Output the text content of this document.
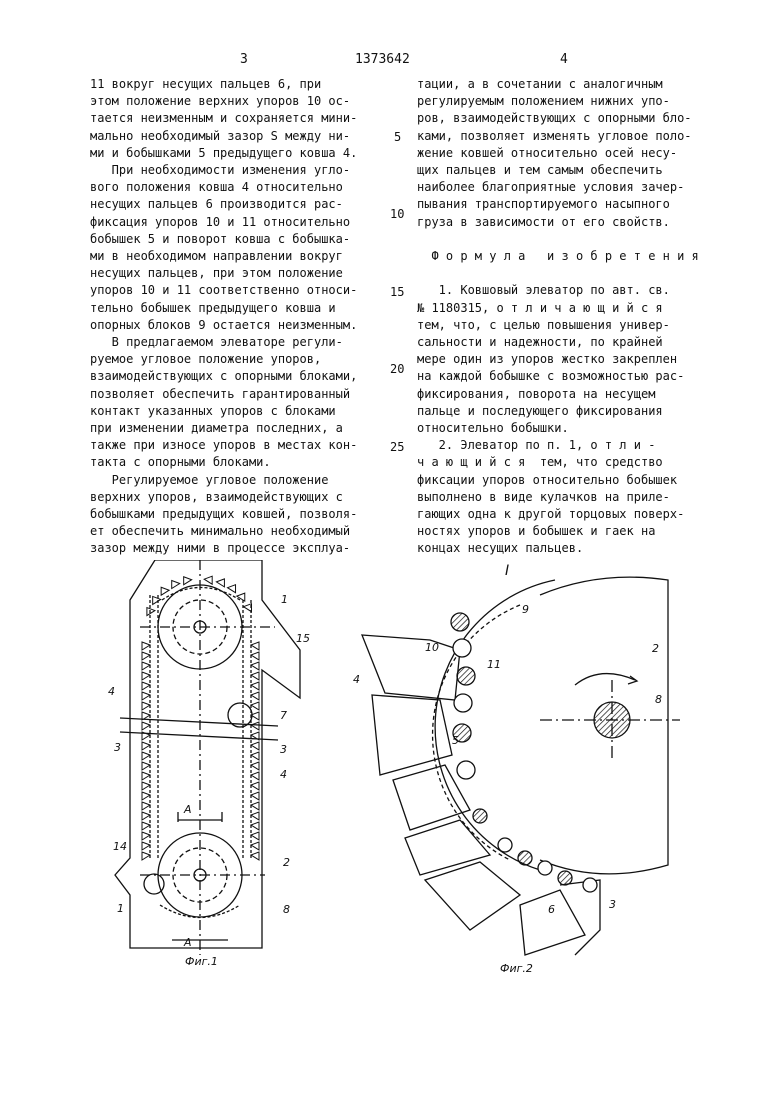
3	1373642	4

11 вокруг несущих пальцев 6, при

этом положение верхних упоров 10 ос-

тается неизменным и сохраняется мини-

мально необходимый зазор S между ни-

ми и бобышками 5 предыдущего ковша 4.

При необходимости изменения угло-

вого положения ковша 4 относительно

несущих пальцев 6 производится рас-

фиксация упоров 10 и 11 относительно

бобышек 5 и поворот ковша с бобышка-

ми в необходимом направлении вокруг

несущих пальцев, при этом положение

упоров 10 и 11 соответственно относи-

тельно бобышек предыдущего ковша и

опорных блоков 9 остается неизменным.

В предлагаемом элеваторе регули-

руемое угловое положение упоров,

взаимодействующих с опорными блоками,

позволяет обеспечить гарантированный

контакт указанных упоров с блоками

при изменении диаметра последних, а

также при износе упоров в местах кон-

такта с опорными блоками.

Регулируемое угловое положение

верхних упоров, взаимодействующих с

бобышками предыдущих ковшей, позволя-

ет обеспечить минимально необходимый

зазор между ними в процессе эксплуа-

тации, а в сочетании с аналогичным

регулируемым положением нижних упо-

ров, взаимодействующих с опорными бло-

ками, позволяет изменять угловое поло-

жение ковшей относительно осей несу-

щих пальцев и тем самым обеспечить

наиболее благоприятные условия зачер-

пывания транспортируемого насыпного

груза в зависимости от его свойств.

Ф о р м у л а   и з о б р е т е н и я

1. Ковшовый элеватор по авт. св.

№ 1180315, о т л и ч а ю щ и й с я

тем, что, с целью повышения универ-

сальности и надежности, по крайней

мере один из упоров жестко закреплен

на каждой бобышке с возможностью рас-

фиксирования, поворота на несущем

пальце и последующего фиксирования

относительно бобышки.

2. Элеватор по п. 1, о т л и -

ч а ю щ и й с я  тем, что средство

фиксации упоров относительно бобышек

выполнено в виде кулачков на приле-

гающих одна к другой торцовых поверх-

ностях упоров и бобышек и гаек на

концах несущих пальцев.

5
10
15
20
25
1
15
4
7
3	3
4
А
14
2
1	8
А
Фиг.1
I
9
10
11
2
4
8
5
6	3
Фиг.2
